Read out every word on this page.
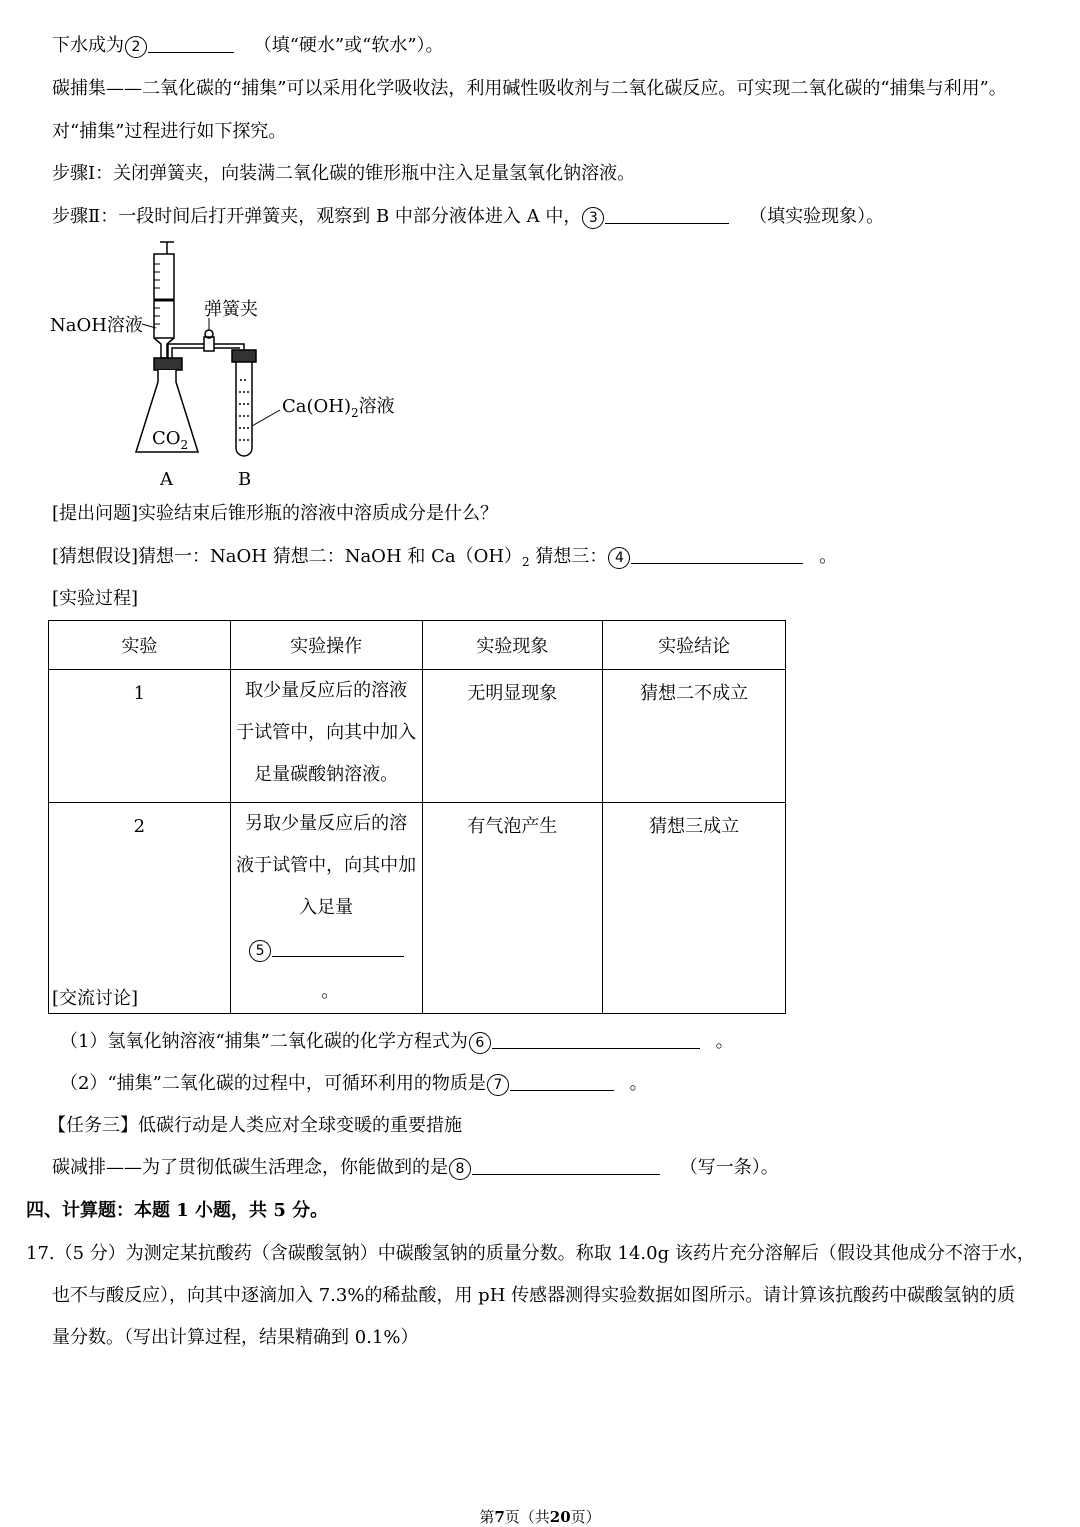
下水成为 2	（填“硬水”或“软水”）。
碳捕集——二氧化碳的“捕集”可以采用化学吸收法，利用碱性吸收剂与二氧化碳反应。可实现二氧化碳的“捕集与利用”。
对“捕集”过程进行如下探究。
步骤Ⅰ：关闭弹簧夹，向装满二氧化碳的锥形瓶中注入足量氢氧化钠溶液。
步骤Ⅱ：一段时间后打开弹簧夹，观察到 B 中部分液体进入 A 中， 3	（填实验现象）。
NaOH溶液
弹簧夹
$Ca(OH)_2$溶液
$CO_2$
A	B
[提出问题]实验结束后锥形瓶的溶液中溶质成分是什么？
[猜想假设]猜想一：NaOH 猜想二：NaOH 和 $Ca(OH)_2$ 猜想三： 4	。
[实验过程]
实验	实验操作	实验现象	实验结论

1	取少量反应后的溶液
于试管中，向其中加入
足量碳酸钠溶液。	无明显现象	猜想二不成立

2	另取少量反应后的溶
液于试管中，向其中加
入足量
5 。	有气泡产生	猜想三成立
[交流讨论]
（1）氢氧化钠溶液“捕集”二氧化碳的化学方程式为 6	。
（2）“捕集”二氧化碳的过程中，可循环利用的物质是 7	。
【任务三】低碳行动是人类应对全球变暖的重要措施
碳减排——为了贯彻低碳生活理念，你能做到的是 8	（写一条）。
四、计算题：本题 1 小题，共 5 分。
17.（5 分）为测定某抗酸药（含碳酸氢钠）中碳酸氢钠的质量分数。称取 14.0g 该药片充分溶解后（假设其他成分不溶于水，
也不与酸反应），向其中逐滴加入 7.3%的稀盐酸，用 pH 传感器测得实验数据如图所示。请计算该抗酸药中碳酸氢钠的质
量分数。（写出计算过程，结果精确到 0.1%）
第7页（共20页）
